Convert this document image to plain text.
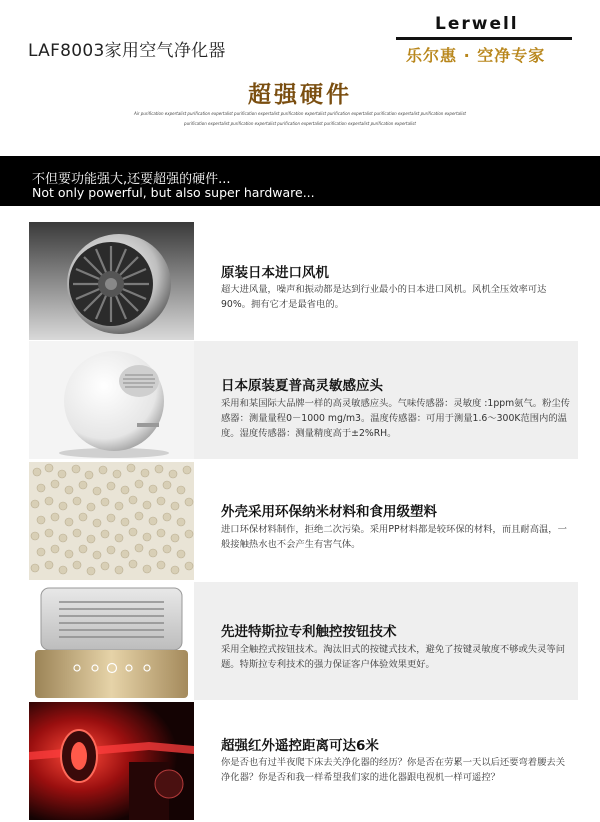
LAF8003家用空气净化器
Lerwell
乐尔惠 · 空净专家
超强硬件
Air purification expertalist purification expertalist purification expertalist purification expertalist purification expertalist purification expertalist purification expertalist
purification expertalist purification expertalist purification expertalist purification expertalist purification expertalist
不但要功能强大,还要超强的硬件...
Not only powerful, but also super hardware...
原装日本进口风机
超大进风量，噪声和振动都是达到行业最小的日本进口风机。风机全压效率可达90%。拥有它才是最省电的。
日本原装夏普高灵敏感应头
采用和某国际大品牌一样的高灵敏感应头。气味传感器：灵敏度 :1ppm氨气。粉尘传感器：测量量程0－1000 mg/m3。温度传感器：可用于测量1.6～300K范围内的温度。湿度传感器：测量精度高于±2%RH。
外壳采用环保纳米材料和食用级塑料
进口环保材料制作，拒绝二次污染。采用PP材料都是较环保的材料，而且耐高温，一般接触热水也不会产生有害气体。
先进特斯拉专利触控按钮技术
采用全触控式按钮技术。淘汰旧式的按键式技术，避免了按键灵敏度不够或失灵等问题。特斯拉专利技术的强力保证客户体验效果更好。
超强红外遥控距离可达6米
你是否也有过半夜爬下床去关净化器的经历？你是否在劳累一天以后还要弯着腰去关净化器？你是否和我一样希望我们家的进化器跟电视机一样可遥控？
